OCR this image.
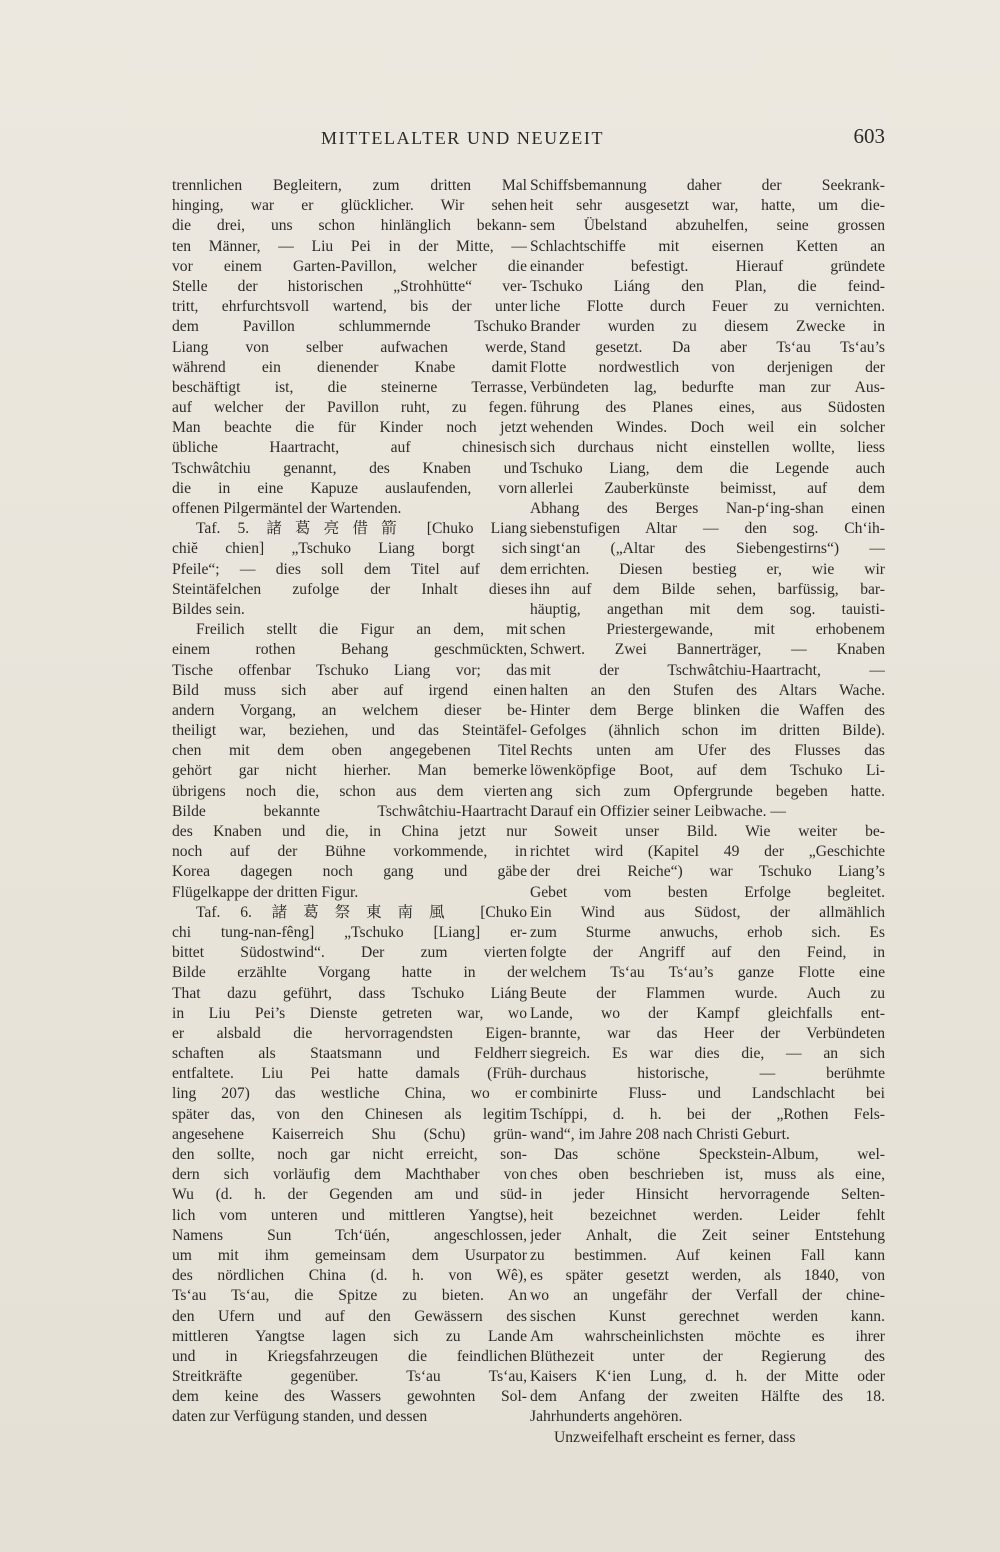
MITTELALTER UND NEUZEIT	603
trennlichen Begleitern, zum dritten Mal
hinging, war er glücklicher. Wir sehen
die drei, uns schon hinlänglich bekann-
ten Männer, — Liu Pei in der Mitte, —
vor einem Garten-Pavillon, welcher die
Stelle der historischen „Strohhütte“ ver-
tritt, ehrfurchtsvoll wartend, bis der unter
dem Pavillon schlummernde Tschuko
Liang von selber aufwachen werde,
während ein dienender Knabe damit
beschäftigt ist, die steinerne Terrasse,
auf welcher der Pavillon ruht, zu fegen.
Man beachte die für Kinder noch jetzt
übliche Haartracht, auf chinesisch
Tschwâtchiu genannt, des Knaben und
die in eine Kapuze auslaufenden, vorn
offenen Pilgermäntel der Wartenden.
Taf. 5. 諸葛亮借箭 [Chuko Liang
chiĕ chien] „Tschuko Liang borgt sich
Pfeile“; — dies soll dem Titel auf dem
Steintäfelchen zufolge der Inhalt dieses
Bildes sein.
Freilich stellt die Figur an dem, mit
einem rothen Behang geschmückten,
Tische offenbar Tschuko Liang vor; das
Bild muss sich aber auf irgend einen
andern Vorgang, an welchem dieser be-
theiligt war, beziehen, und das Steintäfel-
chen mit dem oben angegebenen Titel
gehört gar nicht hierher. Man bemerke
übrigens noch die, schon aus dem vierten
Bilde bekannte Tschwâtchiu-Haartracht
des Knaben und die, in China jetzt nur
noch auf der Bühne vorkommende, in
Korea dagegen noch gang und gäbe
Flügelkappe der dritten Figur.
Taf. 6. 諸葛祭東南風 [Chuko
chi tung-nan-fêng] „Tschuko [Liang] er-
bittet Südostwind“. Der zum vierten
Bilde erzählte Vorgang hatte in der
That dazu geführt, dass Tschuko Liáng
in Liu Pei’s Dienste getreten war, wo
er alsbald die hervorragendsten Eigen-
schaften als Staatsmann und Feldherr
entfaltete. Liu Pei hatte damals (Früh-
ling 207) das westliche China, wo er
später das, von den Chinesen als legitim
angesehene Kaiserreich Shu (Schu) grün-
den sollte, noch gar nicht erreicht, son-
dern sich vorläufig dem Machthaber von
Wu (d. h. der Gegenden am und süd-
lich vom unteren und mittleren Yangtse),
Namens Sun Tch‘üén, angeschlossen,
um mit ihm gemeinsam dem Usurpator
des nördlichen China (d. h. von Wê),
Ts‘au Ts‘au, die Spitze zu bieten. An
den Ufern und auf den Gewässern des
mittleren Yangtse lagen sich zu Lande
und in Kriegsfahrzeugen die feindlichen
Streitkräfte gegenüber. Ts‘au Ts‘au,
dem keine des Wassers gewohnten Sol-
daten zur Verfügung standen, und dessen
Schiffsbemannung daher der Seekrank-
heit sehr ausgesetzt war, hatte, um die-
sem Übelstand abzuhelfen, seine grossen
Schlachtschiffe mit eisernen Ketten an
einander befestigt. Hierauf gründete
Tschuko Liáng den Plan, die feind-
liche Flotte durch Feuer zu vernichten.
Brander wurden zu diesem Zwecke in
Stand gesetzt. Da aber Ts‘au Ts‘au’s
Flotte nordwestlich von derjenigen der
Verbündeten lag, bedurfte man zur Aus-
führung des Planes eines, aus Südosten
wehenden Windes. Doch weil ein solcher
sich durchaus nicht einstellen wollte, liess
Tschuko Liang, dem die Legende auch
allerlei Zauberkünste beimisst, auf dem
Abhang des Berges Nan-p‘ing-shan einen
siebenstufigen Altar — den sog. Ch‘ih-
singt‘an („Altar des Siebengestirns“) —
errichten. Diesen bestieg er, wie wir
ihn auf dem Bilde sehen, barfüssig, bar-
häuptig, angethan mit dem sog. tauisti-
schen Priestergewande, mit erhobenem
Schwert. Zwei Bannerträger, — Knaben
mit der Tschwâtchiu-Haartracht, —
halten an den Stufen des Altars Wache.
Hinter dem Berge blinken die Waffen des
Gefolges (ähnlich schon im dritten Bilde).
Rechts unten am Ufer des Flusses das
löwenköpfige Boot, auf dem Tschuko Li-
ang sich zum Opfergrunde begeben hatte.
Darauf ein Offizier seiner Leibwache. —
Soweit unser Bild. Wie weiter be-
richtet wird (Kapitel 49 der „Geschichte
der drei Reiche“) war Tschuko Liang’s
Gebet vom besten Erfolge begleitet.
Ein Wind aus Südost, der allmählich
zum Sturme anwuchs, erhob sich. Es
folgte der Angriff auf den Feind, in
welchem Ts‘au Ts‘au’s ganze Flotte eine
Beute der Flammen wurde. Auch zu
Lande, wo der Kampf gleichfalls ent-
brannte, war das Heer der Verbündeten
siegreich. Es war dies die, — an sich
durchaus historische, — berühmte
combinirte Fluss- und Landschlacht bei
Tschíppi, d. h. bei der „Rothen Fels-
wand“, im Jahre 208 nach Christi Geburt.
Das schöne Speckstein-Album, wel-
ches oben beschrieben ist, muss als eine,
in jeder Hinsicht hervorragende Selten-
heit bezeichnet werden. Leider fehlt
jeder Anhalt, die Zeit seiner Entstehung
zu bestimmen. Auf keinen Fall kann
es später gesetzt werden, als 1840, von
wo an ungefähr der Verfall der chine-
sischen Kunst gerechnet werden kann.
Am wahrscheinlichsten möchte es ihrer
Blüthezeit unter der Regierung des
Kaisers K‘ien Lung, d. h. der Mitte oder
dem Anfang der zweiten Hälfte des 18.
Jahrhunderts angehören.
Unzweifelhaft erscheint es ferner, dass
